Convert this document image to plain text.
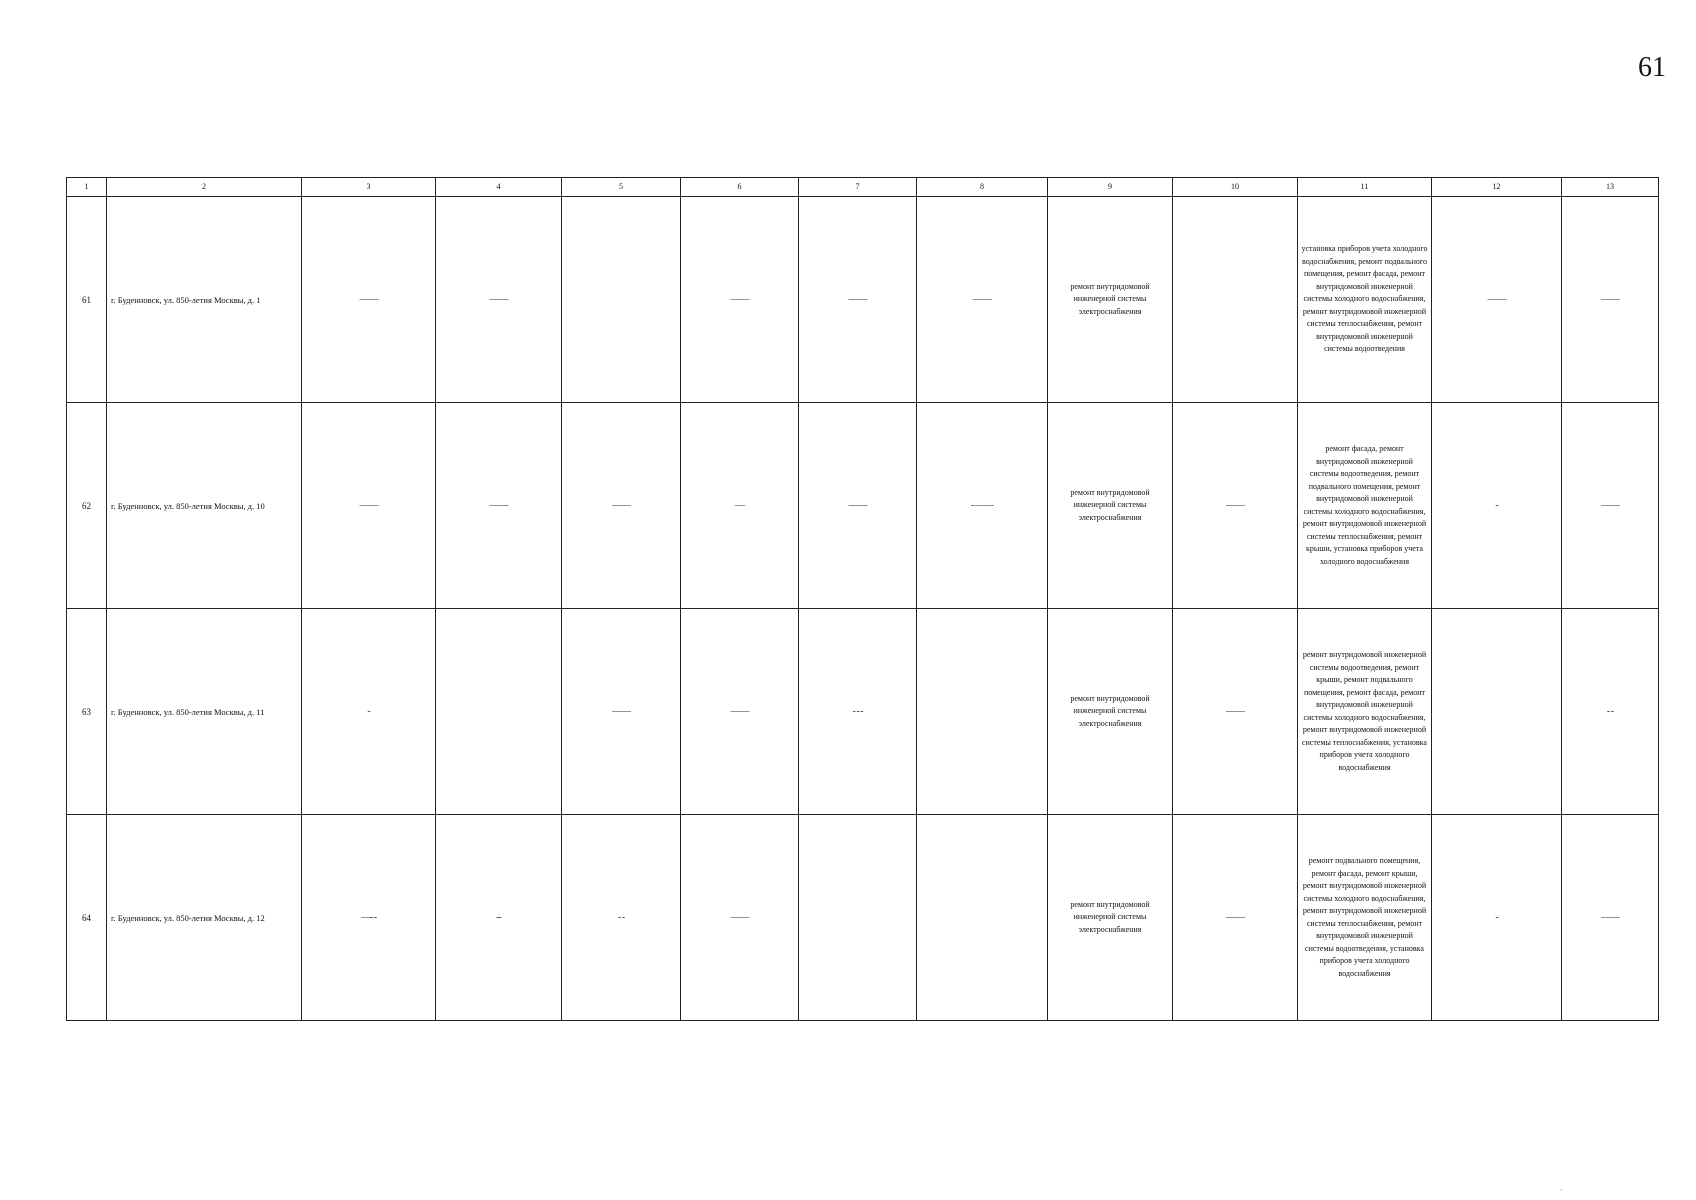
61
1	2	3	4	5	6	7	8	9	10	11	12	13
61	г. Буденновск, ул. 850-летия Москвы, д. 1	——	——		——	——	——	ремонт внутридомовой инженерной системы электроснабжения		установка приборов учета холодного водоснабжения, ремонт подвального помещения, ремонт фасада, ремонт внутридомовой инженерной системы холодного водоснабжения, ремонт внутридомовой инженерной системы теплоснабжения, ремонт внутридомовой инженерной системы водоотведения	——	——
62	г. Буденновск, ул. 850-летия Москвы, д. 10	——	——	——	—	——	- ——	ремонт внутридомовой инженерной системы электроснабжения	——	ремонт фасада, ремонт внутридомовой инженерной системы водоотведения, ремонт подвального помещения, ремонт внутридомовой инженерной системы холодного водоснабжения, ремонт внутридомовой инженерной системы теплоснабжения, ремонт крыши, установка приборов учета холодного водоснабжения	-	——
63	г. Буденновск, ул. 850-летия Москвы, д. 11	-		——	——	- - -		ремонт внутридомовой инженерной системы электроснабжения	——	ремонт внутридомовой инженерной системы водоотведения, ремонт крыши, ремонт подвального помещения, ремонт фасада, ремонт внутридомовой инженерной системы холодного водоснабжения, ремонт внутридомовой инженерной системы теплоснабжения, установка приборов учета холодного водоснабжения		- -
64	г. Буденновск, ул. 850-летия Москвы, д. 12	—- -	--	- -	——			ремонт внутридомовой инженерной системы электроснабжения	——	ремонт подвального помещения, ремонт фасада, ремонт крыши, ремонт внутридомовой инженерной системы холодного водоснабжения, ремонт внутридомовой инженерной системы теплоснабжения, ремонт внутридомовой инженерной системы водоотведения, установка приборов учета холодного водоснабжения	-	——
·
